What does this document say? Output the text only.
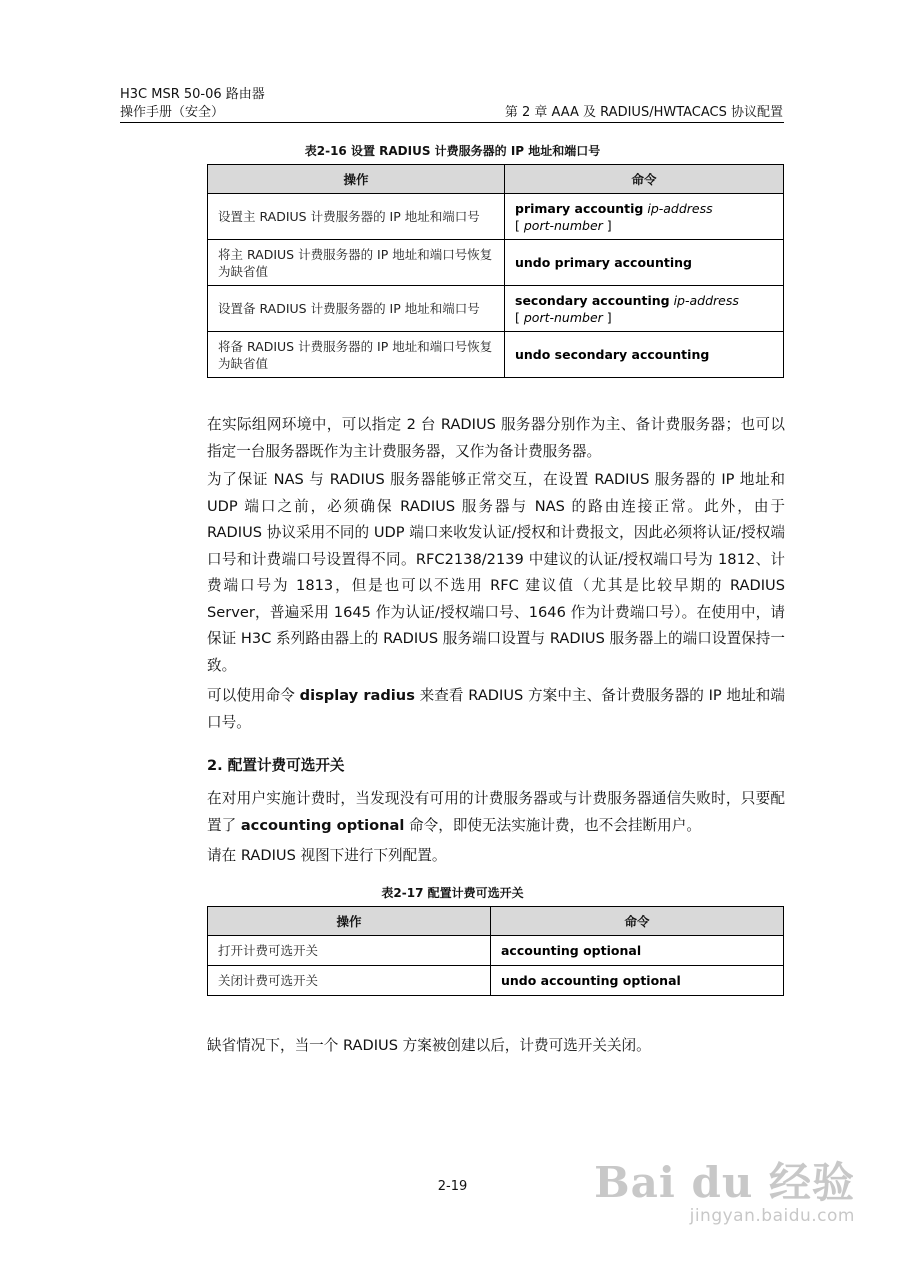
H3C MSR 50-06 路由器
操作手册（安全）	第 2 章 AAA 及 RADIUS/HWTACACS 协议配置
表2-16 设置 RADIUS 计费服务器的 IP 地址和端口号
操作	命令
设置主 RADIUS 计费服务器的 IP 地址和端口号	primary accountig ip-address
[ port-number ]
将主 RADIUS 计费服务器的 IP 地址和端口号恢复为缺省值	undo primary accounting
设置备 RADIUS 计费服务器的 IP 地址和端口号	secondary accounting ip-address
[ port-number ]
将备 RADIUS 计费服务器的 IP 地址和端口号恢复为缺省值	undo secondary accounting
在实际组网环境中，可以指定 2 台 RADIUS 服务器分别作为主、备计费服务器；也可以指定一台服务器既作为主计费服务器，又作为备计费服务器。
为了保证 NAS 与 RADIUS 服务器能够正常交互，在设置 RADIUS 服务器的 IP 地址和 UDP 端口之前，必须确保 RADIUS 服务器与 NAS 的路由连接正常。此外，由于 RADIUS 协议采用不同的 UDP 端口来收发认证/授权和计费报文，因此必须将认证/授权端口号和计费端口号设置得不同。RFC2138/2139 中建议的认证/授权端口号为 1812、计费端口号为 1813，但是也可以不选用 RFC 建议值（尤其是比较早期的 RADIUS Server，普遍采用 1645 作为认证/授权端口号、1646 作为计费端口号）。在使用中，请保证 H3C 系列路由器上的 RADIUS 服务端口设置与 RADIUS 服务器上的端口设置保持一致。
可以使用命令 display radius 来查看 RADIUS 方案中主、备计费服务器的 IP 地址和端口号。
2. 配置计费可选开关
在对用户实施计费时，当发现没有可用的计费服务器或与计费服务器通信失败时，只要配置了 accounting optional 命令，即使无法实施计费，也不会挂断用户。
请在 RADIUS 视图下进行下列配置。
表2-17 配置计费可选开关
操作	命令
打开计费可选开关	accounting optional
关闭计费可选开关	undo accounting optional
缺省情况下，当一个 RADIUS 方案被创建以后，计费可选开关关闭。
2-19	Bai du 经验
jingyan.baidu.com
